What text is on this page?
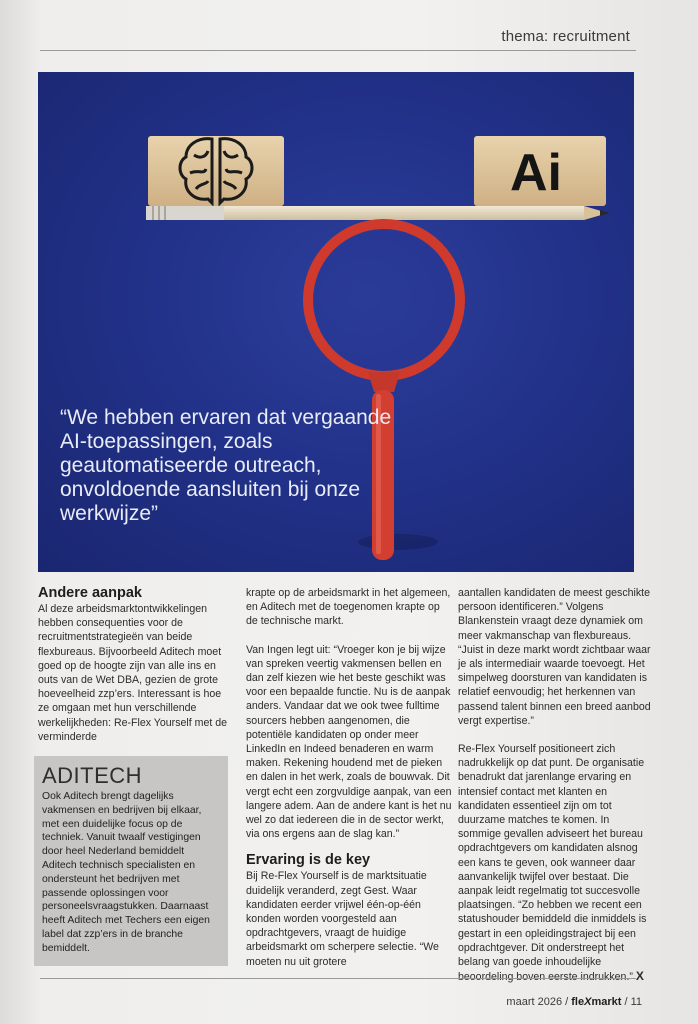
thema: recruitment
Ai
“We hebben ervaren dat vergaande AI-toepassingen, zoals geautomatiseerde outreach, onvoldoende aansluiten bij onze werkwijze”
Andere aanpak

Al deze arbeidsmarktontwikkelingen hebben consequenties voor de recruitmentstrategieën van beide flexbureaus. Bijvoorbeeld Aditech moet goed op de hoogte zijn van alle ins en outs van de Wet DBA, gezien de grote hoeveelheid zzp’ers. Interessant is hoe ze omgaan met hun verschillende werkelijkheden: Re-Flex Yourself met de verminderde

ADITECH

Ook Aditech brengt dagelijks vakmensen en bedrijven bij elkaar, met een duidelijke focus op de techniek. Vanuit twaalf vestigingen door heel Nederland bemiddelt Aditech technisch specialisten en ondersteunt het bedrijven met passende oplossingen voor personeelsvraagstukken. Daarnaast heeft Aditech met Techers een eigen label dat zzp’ers in de branche bemiddelt.

krapte op de arbeidsmarkt in het algemeen, en Aditech met de toegenomen krapte op de technische markt.

Van Ingen legt uit: “Vroeger kon je bij wijze van spreken veertig vakmensen bellen en dan zelf kiezen wie het beste geschikt was voor een bepaalde functie. Nu is de aanpak anders. Vandaar dat we ook twee fulltime sourcers hebben aangenomen, die potentiële kandidaten op onder meer LinkedIn en Indeed benaderen en warm maken. Rekening houdend met de pieken en dalen in het werk, zoals de bouwvak. Dit vergt echt een zorgvuldige aanpak, van een langere adem. Aan de andere kant is het nu wel zo dat iedereen die in de sector werkt, via ons ergens aan de slag kan.”

Ervaring is de key

Bij Re-Flex Yourself is de marktsituatie duidelijk veranderd, zegt Gest. Waar kandidaten eerder vrijwel één-op-één konden worden voorgesteld aan opdrachtgevers, vraagt de huidige arbeidsmarkt om scherpere selectie. “We moeten nu uit grotere

aantallen kandidaten de meest geschikte persoon identificeren.” Volgens Blankenstein vraagt deze dynamiek om meer vakmanschap van flexbureaus. “Juist in deze markt wordt zichtbaar waar je als intermediair waarde toevoegt. Het simpelweg doorsturen van kandidaten is relatief eenvoudig; het herkennen van passend talent binnen een breed aanbod vergt expertise.”

Re-Flex Yourself positioneert zich nadrukkelijk op dat punt. De organisatie benadrukt dat jarenlange ervaring en intensief contact met klanten en kandidaten essentieel zijn om tot duurzame matches te komen. In sommige gevallen adviseert het bureau opdrachtgevers om kandidaten alsnog een kans te geven, ook wanneer daar aanvankelijk twijfel over bestaat. Die aanpak leidt regelmatig tot succesvolle plaatsingen. “Zo hebben we recent een statushouder bemiddeld die inmiddels is gestart in een opleidingstraject bij een opdrachtgever. Dit onderstreept het belang van goede inhoudelijke X

maart 2026 / fleXmarkt / 11
